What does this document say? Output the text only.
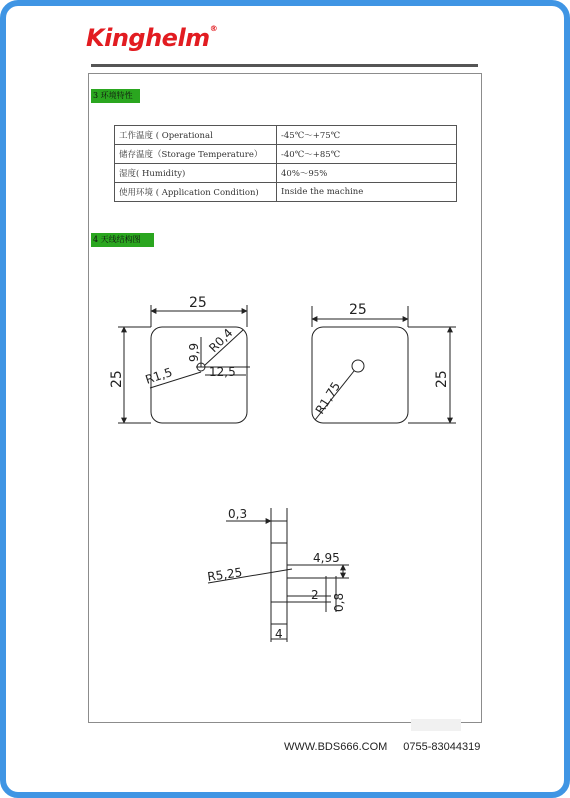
Kinghelm®
3 环境特性
工作温度 ( Operational	-45℃～+75℃
储存温度（Storage Temperature）	-40℃～+85℃
湿度( Humidity)	40%～95%
使用环境 ( Application Condition)	Inside the machine
4 天线结构图
25
25 R1,5
9,9 R0,4
12,5
25
25
R1,75
0,3
4,95
R5,25
2 0,8
4
WWW.BDS666.COM 0755-83044319
